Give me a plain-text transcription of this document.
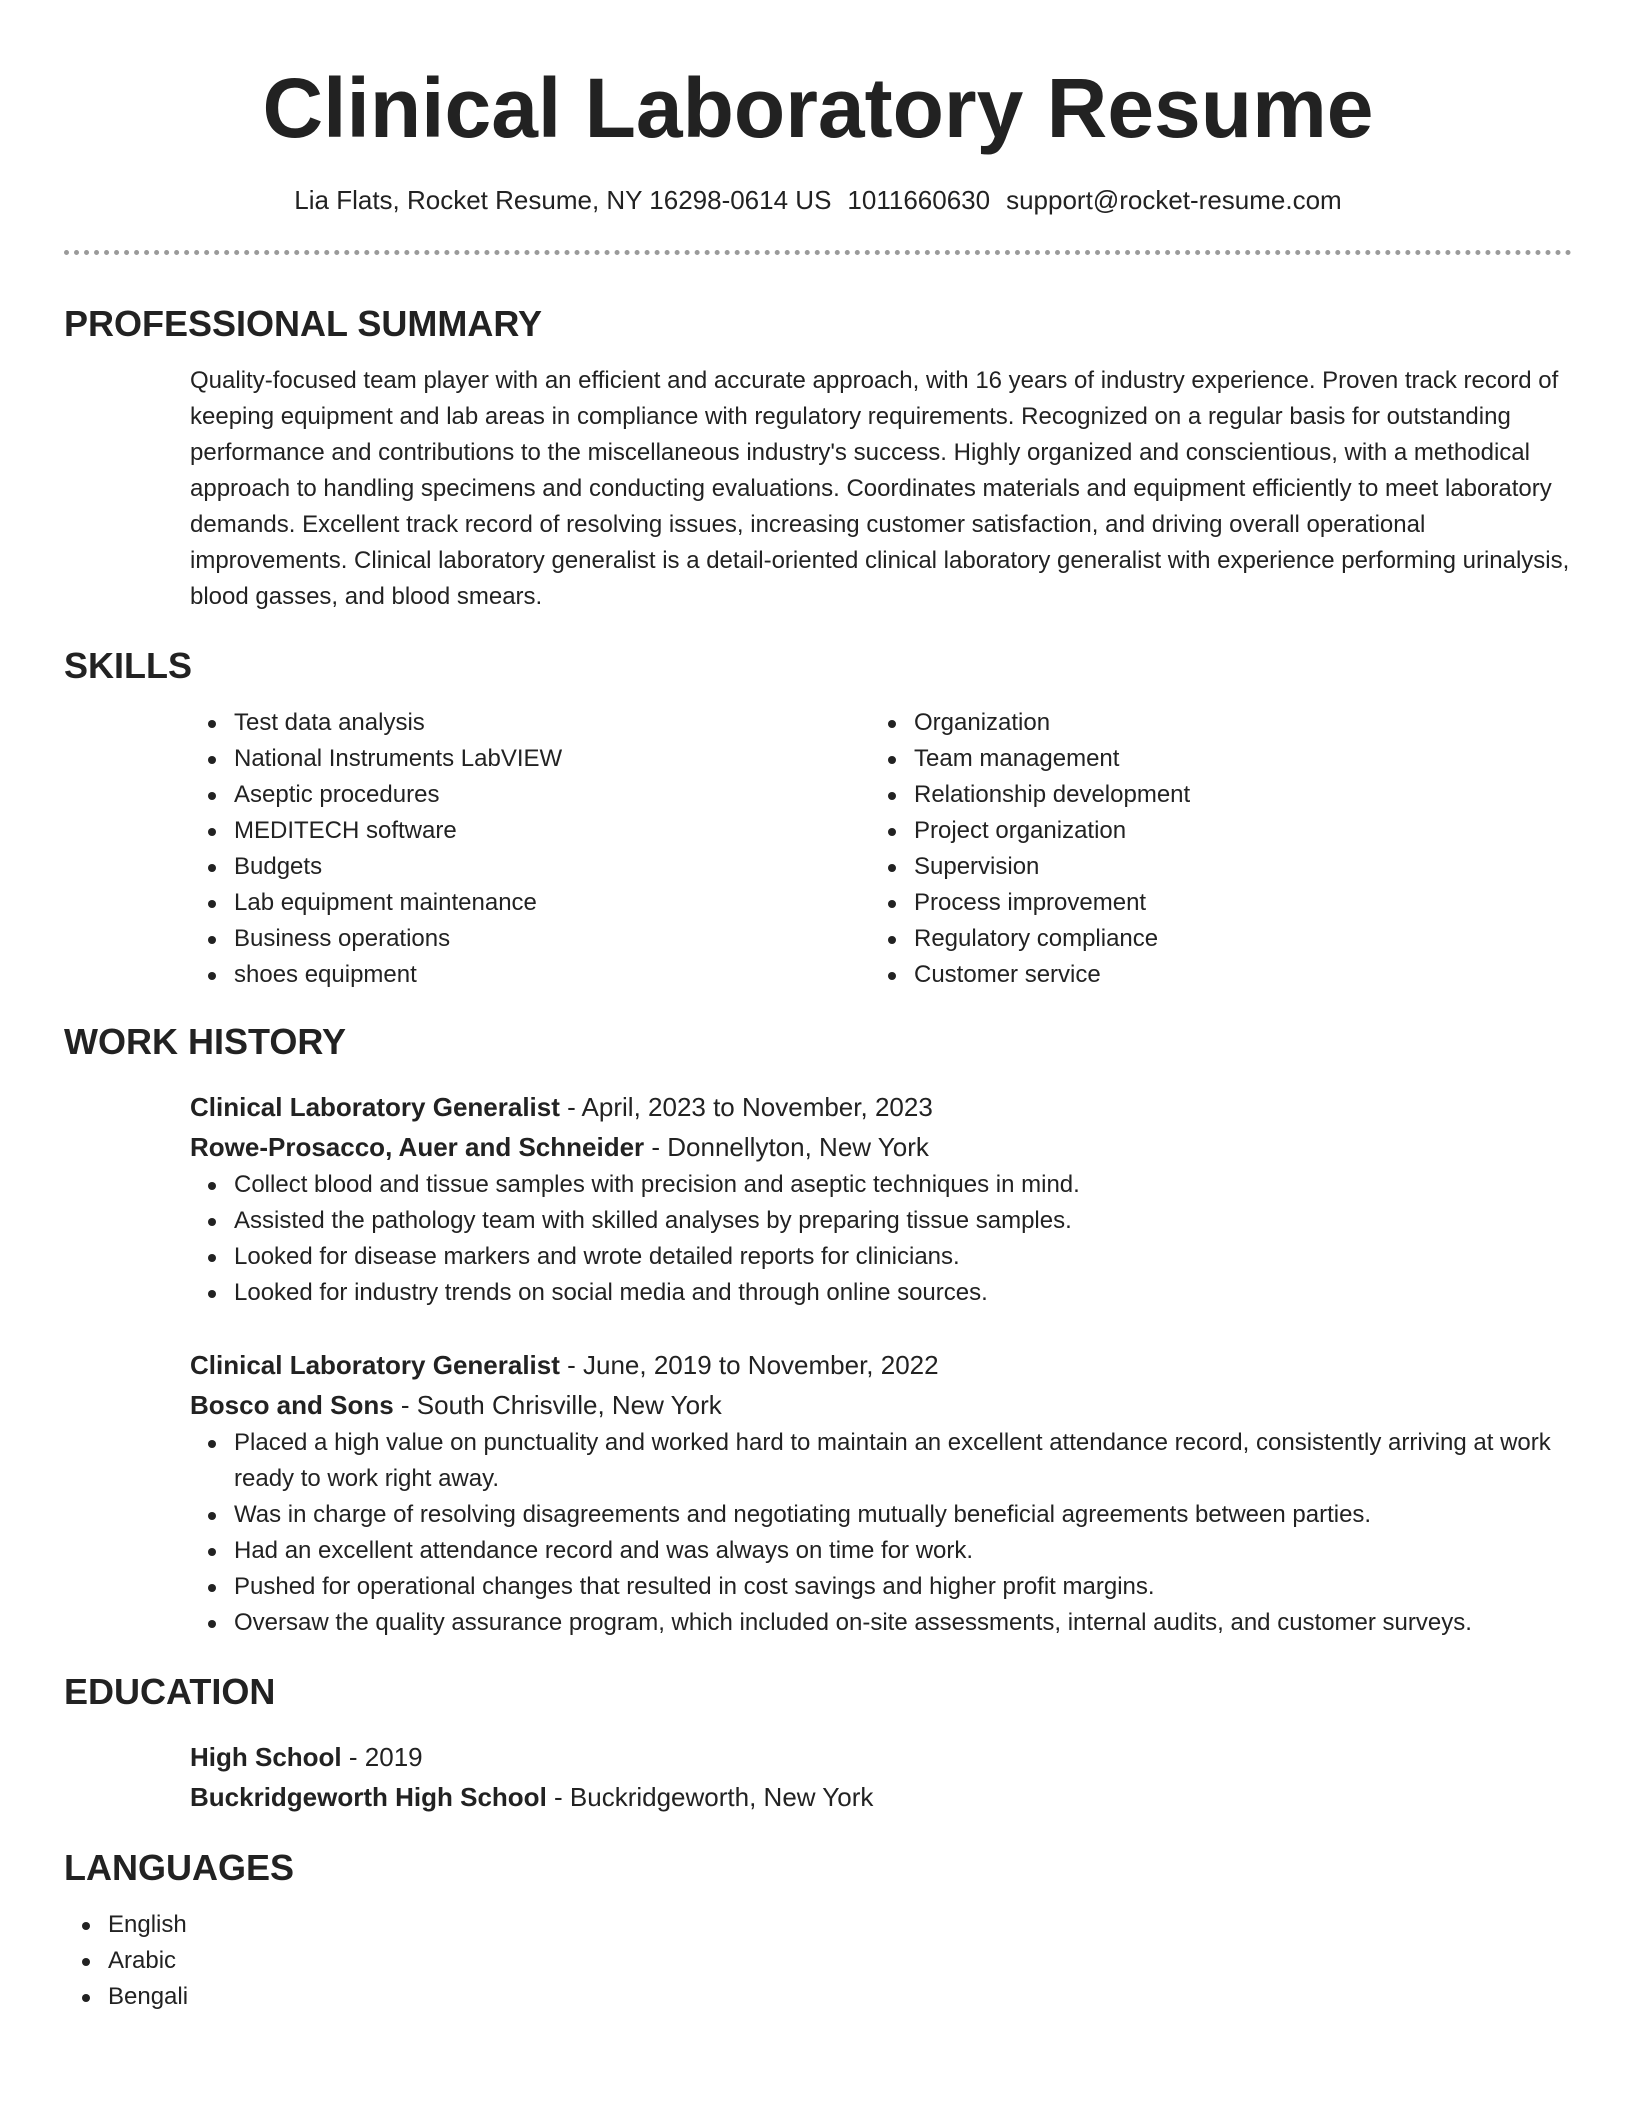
Clinical Laboratory Resume
Lia Flats, Rocket Resume, NY 16298-0614 US 1011660630 support@rocket-resume.com
PROFESSIONAL SUMMARY
Quality-focused team player with an efficient and accurate approach, with 16 years of industry experience. Proven track record of keeping equipment and lab areas in compliance with regulatory requirements. Recognized on a regular basis for outstanding performance and contributions to the miscellaneous industry's success. Highly organized and conscientious, with a methodical approach to handling specimens and conducting evaluations. Coordinates materials and equipment efficiently to meet laboratory demands. Excellent track record of resolving issues, increasing customer satisfaction, and driving overall operational improvements. Clinical laboratory generalist is a detail-oriented clinical laboratory generalist with experience performing urinalysis, blood gasses, and blood smears.
SKILLS
Test data analysis
National Instruments LabVIEW
Aseptic procedures
MEDITECH software
Budgets
Lab equipment maintenance
Business operations
shoes equipment
Organization
Team management
Relationship development
Project organization
Supervision
Process improvement
Regulatory compliance
Customer service
WORK HISTORY
Clinical Laboratory Generalist - April, 2023 to November, 2023
Rowe-Prosacco, Auer and Schneider - Donnellyton, New York
Collect blood and tissue samples with precision and aseptic techniques in mind.
Assisted the pathology team with skilled analyses by preparing tissue samples.
Looked for disease markers and wrote detailed reports for clinicians.
Looked for industry trends on social media and through online sources.
Clinical Laboratory Generalist - June, 2019 to November, 2022
Bosco and Sons - South Chrisville, New York
Placed a high value on punctuality and worked hard to maintain an excellent attendance record, consistently arriving at work ready to work right away.
Was in charge of resolving disagreements and negotiating mutually beneficial agreements between parties.
Had an excellent attendance record and was always on time for work.
Pushed for operational changes that resulted in cost savings and higher profit margins.
Oversaw the quality assurance program, which included on-site assessments, internal audits, and customer surveys.
EDUCATION
High School - 2019
Buckridgeworth High School - Buckridgeworth, New York
LANGUAGES
English
Arabic
Bengali
